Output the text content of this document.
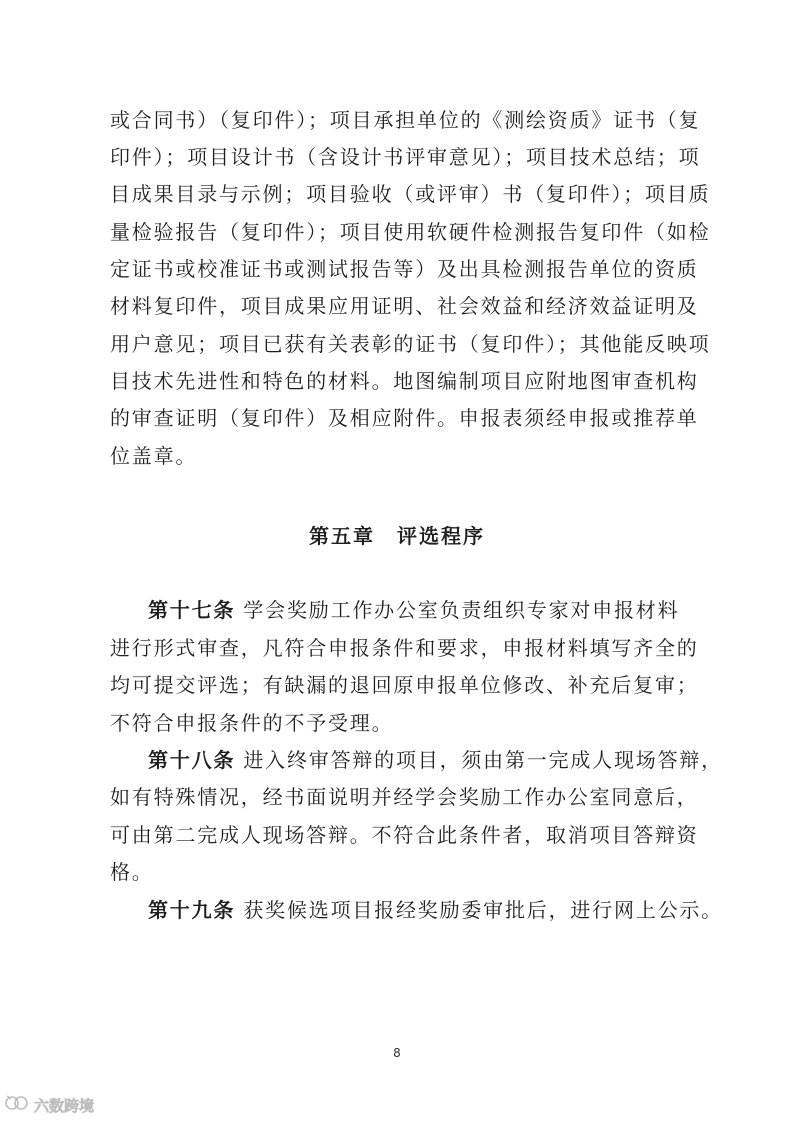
或合同书）（复印件）；项目承担单位的《测绘资质》证书（复
印件）；项目设计书（含设计书评审意见）；项目技术总结；项
目成果目录与示例；项目验收（或评审）书（复印件）；项目质
量检验报告（复印件）；项目使用软硬件检测报告复印件（如检
定证书或校准证书或测试报告等）及出具检测报告单位的资质
材料复印件，项目成果应用证明、社会效益和经济效益证明及
用户意见；项目已获有关表彰的证书（复印件）；其他能反映项
目技术先进性和特色的材料。地图编制项目应附地图审查机构
的审查证明（复印件）及相应附件。申报表须经申报或推荐单
位盖章。
第五章　评选程序
第十七条 学会奖励工作办公室负责组织专家对申报材料
进行形式审查，凡符合申报条件和要求，申报材料填写齐全的
均可提交评选；有缺漏的退回原申报单位修改、补充后复审；
不符合申报条件的不予受理。
第十八条 进入终审答辩的项目，须由第一完成人现场答辩，
如有特殊情况，经书面说明并经学会奖励工作办公室同意后，
可由第二完成人现场答辩。不符合此条件者，取消项目答辩资
格。
第十九条 获奖候选项目报经奖励委审批后，进行网上公示。
8
六数跨境
